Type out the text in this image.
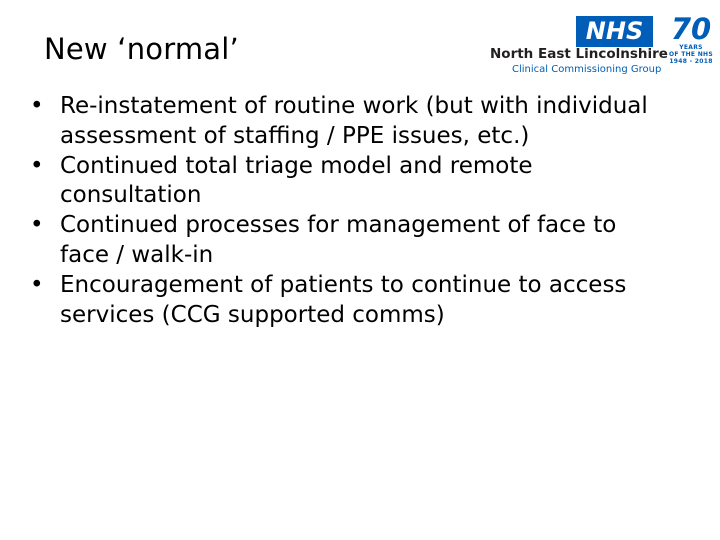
New ‘normal’
NHS 70
YEARS
OF THE NHS
1948 - 2018
North East Lincolnshire
Clinical Commissioning Group
• Re-instatement of routine work (but with individual assessment of staffing / PPE issues, etc.)
• Continued total triage model and remote consultation
• Continued processes for management of face to face / walk-in
• Encouragement of patients to continue to access services (CCG supported comms)
